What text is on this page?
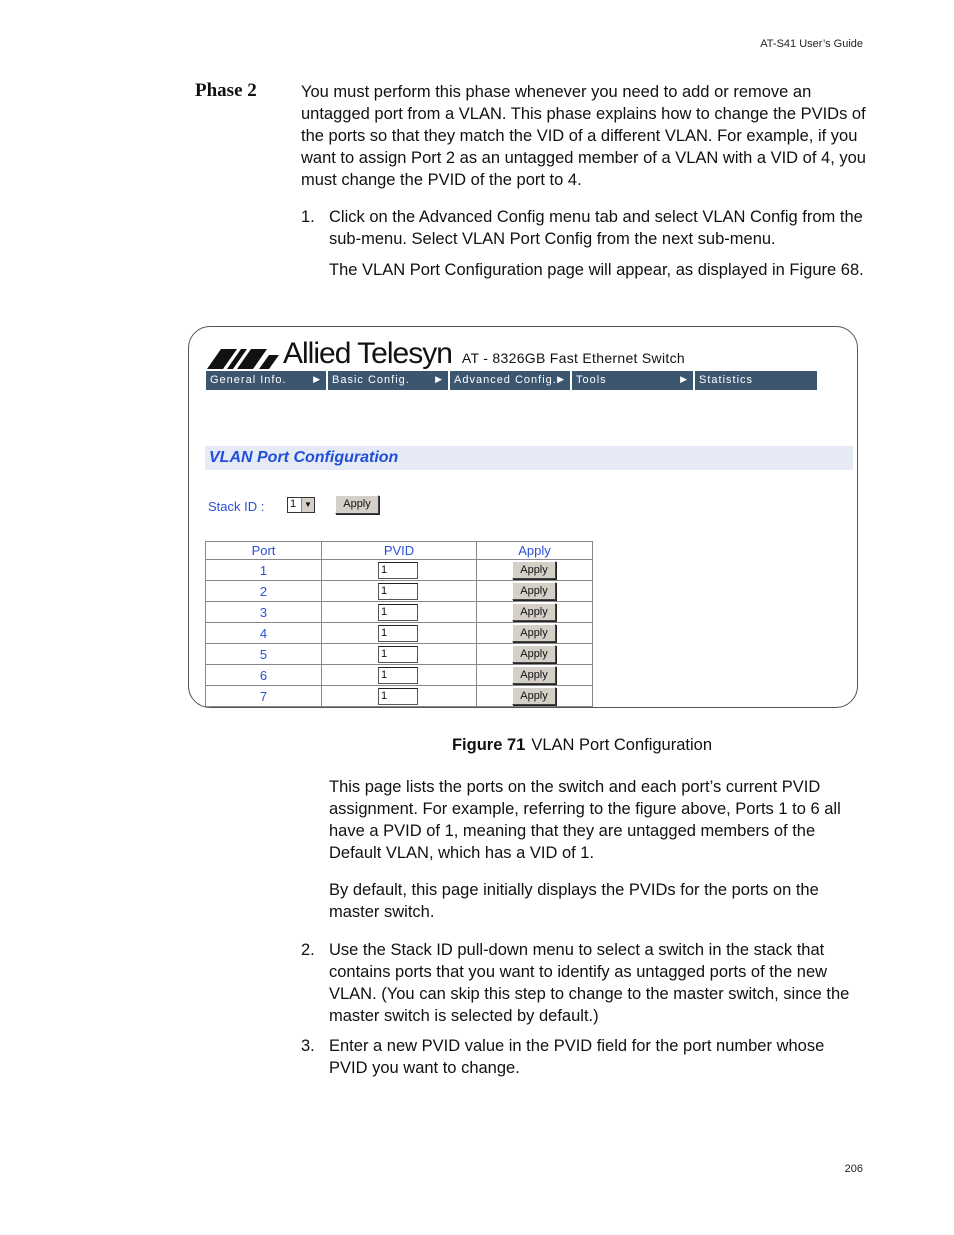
AT-S41 User’s Guide
Phase 2	You must perform this phase whenever you need to add or remove an untagged port from a VLAN. This phase explains how to change the PVIDs of the ports so that they match the VID of a different VLAN. For example, if you want to assign Port 2 as an untagged member of a VLAN with a VID of 4, you must change the PVID of the port to 4.
1. Click on the Advanced Config menu tab and select VLAN Config from the sub-menu. Select VLAN Port Config from the next sub-menu.
The VLAN Port Configuration page will appear, as displayed in Figure 68.
Allied Telesyn AT - 8326GB Fast Ethernet Switch
General Info.	▶	Basic Config.	▶	Advanced Config. ▶	Tools	▶	Statistics
VLAN Port Configuration
Stack ID : 1 ▼	Apply
Port	PVID	Apply
1	1	Apply

2	1	Apply

3	1	Apply

4	1	Apply

5	1	Apply

6	1	Apply

7	1	Apply
Figure 71 VLAN Port Configuration
This page lists the ports on the switch and each port’s current PVID assignment. For example, referring to the figure above, Ports 1 to 6 all have a PVID of 1, meaning that they are untagged members of the Default VLAN, which has a VID of 1.
By default, this page initially displays the PVIDs for the ports on the master switch.
2. Use the Stack ID pull-down menu to select a switch in the stack that contains ports that you want to identify as untagged ports of the new VLAN. (You can skip this step to change to the master switch, since the master switch is selected by default.)
3. Enter a new PVID value in the PVID field for the port number whose PVID you want to change.
206
